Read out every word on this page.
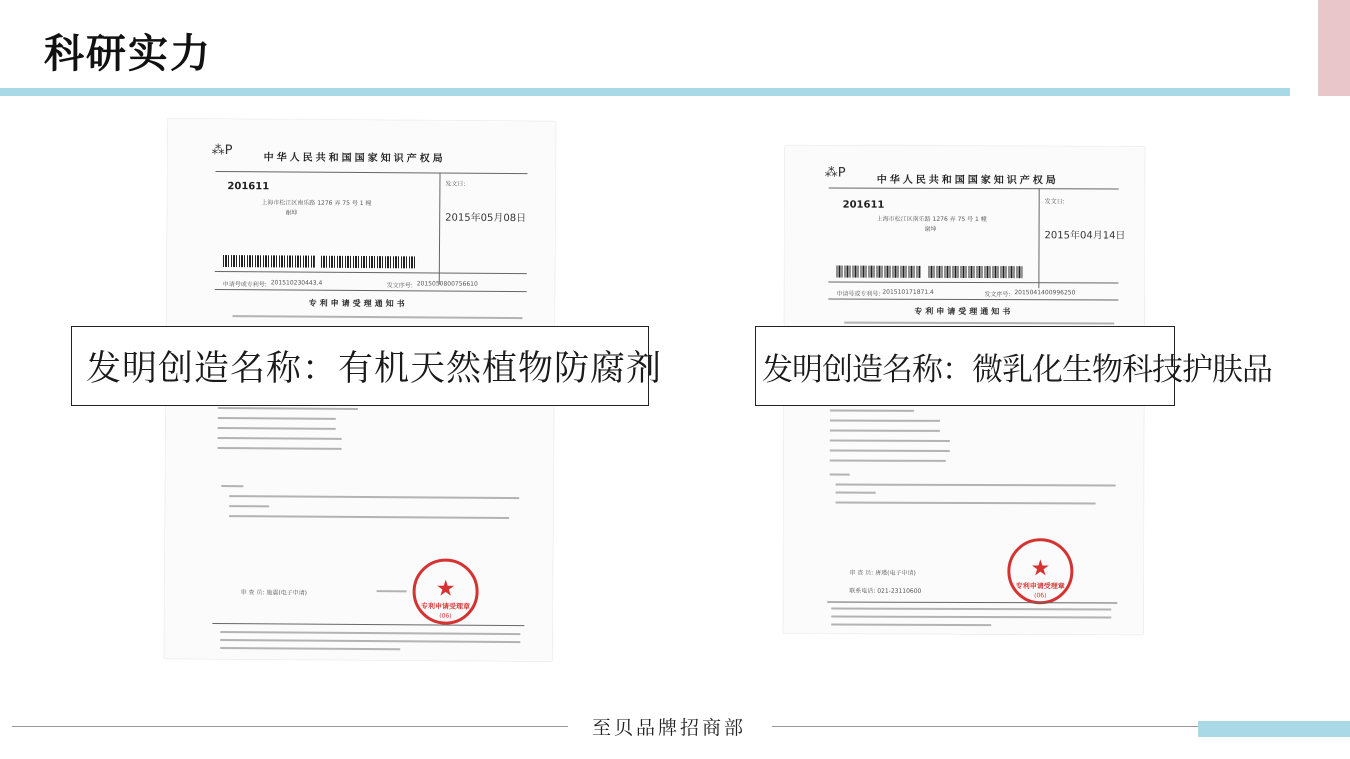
科研实力
⁂P
中华人民共和国国家知识产权局
201611
上海市松江区南乐路 1276 弄 75 号 1 幢
谢坤
发文日:
2015年05月08日
申请号或专利号: 201510230443.4	发文序号: 2015050800756610
专利申请受理通知书
审 查 员: 施震(电子申请)	★
专利申请受理章
(06)
⁂P	中华人民共和国国家知识产权局
201611
上海市松江区南乐路 1276 弄 75 号 1 幢
谢坤
发文日:
2015年04月14日
申请号或专利号: 201510171871.4	发文序号: 2015041400996250
专利申请受理通知书
审 查 员: 唐瑾(电子申请)
联系电话: 021-23110600
★
专利申请受理章
(06)
发明创造名称：有机天然植物防腐剂	发明创造名称：微乳化生物科技护肤品
至贝品牌招商部
